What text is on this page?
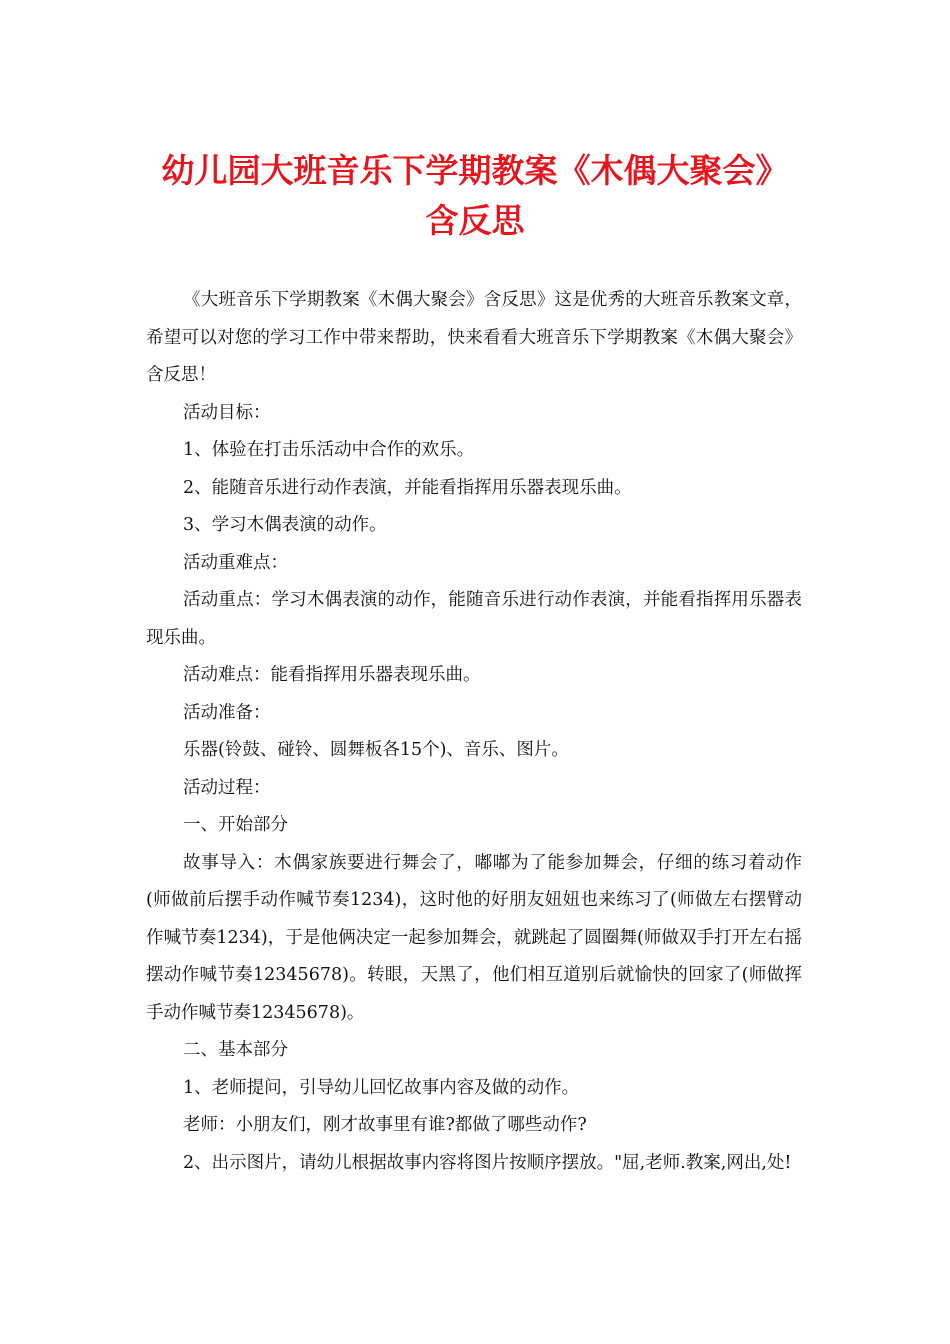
幼儿园大班音乐下学期教案《木偶大聚会》
含反思

《大班音乐下学期教案《木偶大聚会》含反思》这是优秀的大班音乐教案文章，希望可以对您的学习工作中带来帮助，快来看看大班音乐下学期教案《木偶大聚会》含反思！

活动目标：

1、体验在打击乐活动中合作的欢乐。

2、能随音乐进行动作表演，并能看指挥用乐器表现乐曲。

3、学习木偶表演的动作。

活动重难点：

活动重点：学习木偶表演的动作，能随音乐进行动作表演，并能看指挥用乐器表现乐曲。

活动难点：能看指挥用乐器表现乐曲。

活动准备：

乐器(铃鼓、碰铃、圆舞板各15个)、音乐、图片。

活动过程：

一、开始部分

故事导入：木偶家族要进行舞会了，嘟嘟为了能参加舞会，仔细的练习着动作(师做前后摆手动作喊节奏1234)，这时他的好朋友妞妞也来练习了(师做左右摆臂动作喊节奏1234)，于是他俩决定一起参加舞会，就跳起了圆圈舞(师做双手打开左右摇摆动作喊节奏12345678)。转眼，天黑了，他们相互道别后就愉快的回家了(师做挥手动作喊节奏12345678)。

二、基本部分

1、老师提问，引导幼儿回忆故事内容及做的动作。

老师：小朋友们，刚才故事里有谁?都做了哪些动作?

2、出示图片，请幼儿根据故事内容将图片按顺序摆放。"屈,老师.教案,网出,处!
